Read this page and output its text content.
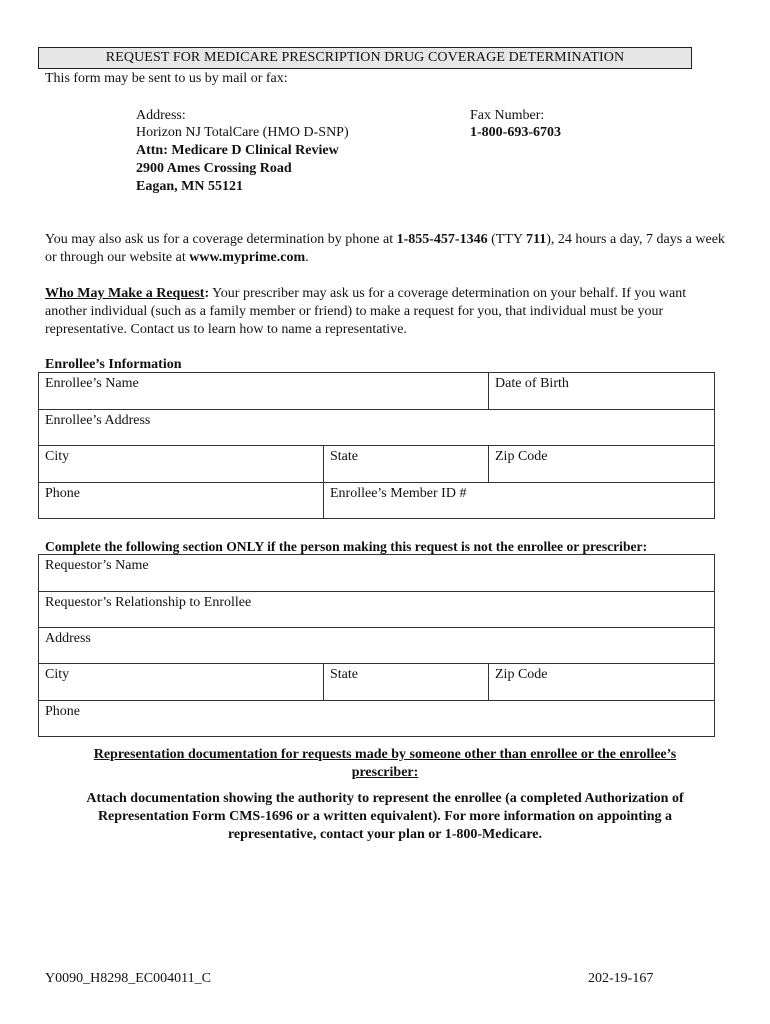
REQUEST FOR MEDICARE PRESCRIPTION DRUG COVERAGE DETERMINATION
This form may be sent to us by mail or fax:
Address:
Horizon NJ TotalCare (HMO D-SNP)
Attn: Medicare D Clinical Review
2900 Ames Crossing Road
Eagan, MN 55121
Fax Number:
1-800-693-6703
You may also ask us for a coverage determination by phone at 1-855-457-1346 (TTY 711), 24 hours a day, 7 days a week or through our website at www.myprime.com.
Who May Make a Request: Your prescriber may ask us for a coverage determination on your behalf. If you want another individual (such as a family member or friend) to make a request for you, that individual must be your representative. Contact us to learn how to name a representative.
Enrollee’s Information
Enrollee’s Name		Date of Birth
Enrollee’s Address		
City	State	Zip Code
Phone	Enrollee’s Member ID #	
Complete the following section ONLY if the person making this request is not the enrollee or prescriber:
Requestor’s Name
Requestor’s Relationship to Enrollee
Address
City	State	Zip Code
Phone
Representation documentation for requests made by someone other than enrollee or the enrollee’s prescriber:
Attach documentation showing the authority to represent the enrollee (a completed Authorization of Representation Form CMS-1696 or a written equivalent). For more information on appointing a representative, contact your plan or 1-800-Medicare.
Y0090_H8298_EC004011_C	202-19-167
